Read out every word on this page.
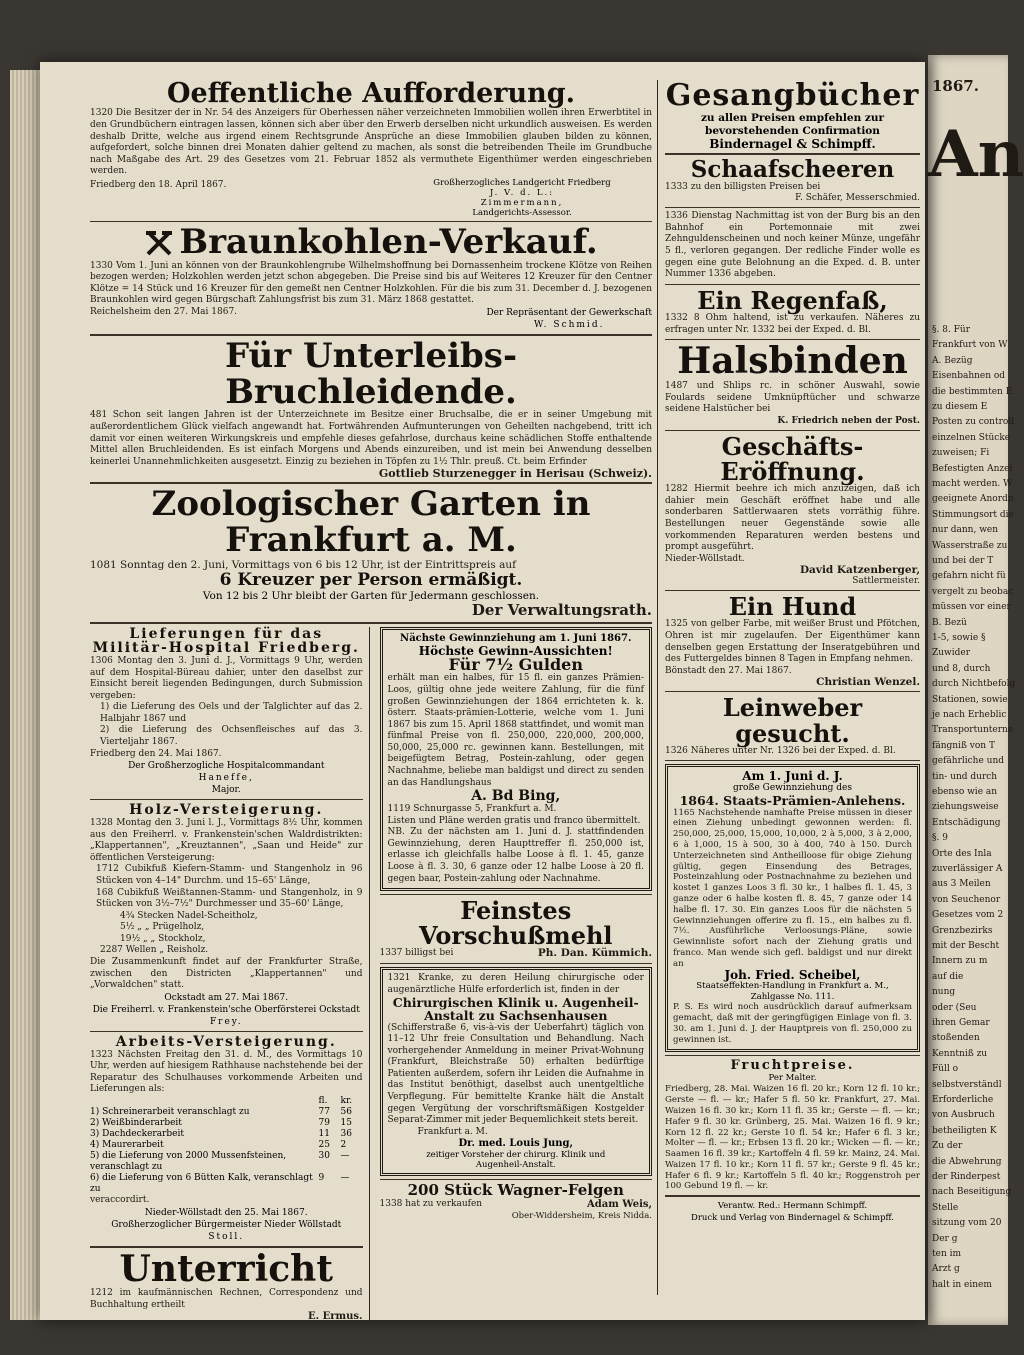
1867.
An
§. 8. Für
Frankfurt von W
A. Bezüg
Eisenbahnen od
die bestimmten E
zu diesem E
Posten zu controll
einzelnen Stücke
zuweisen; Fi
Befestigten Anzei
macht werden. W
geeignete Anordn
Stimmungsort die
nur dann, wen
Wasserstraße zu
und bei der T
gefahrn nicht fü
vergelt zu beobac
müssen vor einer
B. Bezü
1-5, sowie §
Zuwider
und 8, durch
durch Nichtbefolg
Stationen, sowie
je nach Erheblic
Transportunterne
fängniß von T
gefährliche und
tin- und durch
ebenso wie an
ziehungsweise
Entschädigung
§. 9
Orte des Inla
zuverlässiger A
aus 3 Meilen
von Seuchenor
Gesetzes vom 2
Grenzbezirks
mit der Bescht
Innern zu m
auf die
nung
oder (Seu
ihren Gemar
stoßenden
Kenntniß zu
Füll o
selbstverständl
Erforderliche
von Ausbruch
betheiligten K
Zu der
die Abwehrung
der Rinderpest
nach Beseitigung
Stelle
sitzung vom 20
Der g
ten im
Arzt g
halt in einem

Oeffentliche Aufforderung.

1320 Die Besitzer der in Nr. 54 des Anzeigers für Oberhessen näher verzeichneten Immobilien wollen ihren Erwerbtitel in den Grundbüchern eintragen lassen, können sich aber über den Erwerb derselben nicht urkundlich ausweisen. Es werden deshalb Dritte, welche aus irgend einem Rechtsgrunde Ansprüche an diese Immobilien glauben bilden zu können, aufgefordert, solche binnen drei Monaten dahier geltend zu machen, als sonst die betreibenden Theile im Grundbuche nach Maßgabe des Art. 29 des Gesetzes vom 21. Februar 1852 als vermuthete Eigenthümer werden eingeschrieben werden.

Friedberg den 18. April 1867.	Großherzogliches Landgericht Friedberg

J. V. d. L.:

Zimmermann,

Landgerichts-Assessor.

Braunkohlen-Verkauf.

1330 Vom 1. Juni an können von der Braunkohlengrube Wilhelmshoffnung bei Dornassenheim trockene Klötze von Reihen bezogen werden; Holzkohlen werden jetzt schon abgegeben. Die Preise sind bis auf Weiteres 12 Kreuzer für den Centner Klötze = 14 Stück und 16 Kreuzer für den gemeßt nen Centner Holzkohlen. Für die bis zum 31. December d. J. bezogenen Braunkohlen wird gegen Bürgschaft Zahlungsfrist bis zum 31. März 1868 gestattet.

Reichelsheim den 27. Mai 1867.	Der Repräsentant der Gewerkschaft

W. Schmid.

Für Unterleibs-Bruchleidende.

481 Schon seit langen Jahren ist der Unterzeichnete im Besitze einer Bruchsalbe, die er in seiner Umgebung mit außerordentlichem Glück vielfach angewandt hat. Fortwährenden Aufmunterungen von Geheilten nachgebend, tritt ich damit vor einen weiteren Wirkungskreis und empfehle dieses gefahrlose, durchaus keine schädlichen Stoffe enthaltende Mittel allen Bruchleidenden. Es ist einfach Morgens und Abends einzureiben, und ist mein bei Anwendung desselben keinerlei Unannehmlichkeiten ausgesetzt. Einzig zu beziehen in Töpfen zu 1½ Thlr. preuß. Ct. beim Erfinder

Gottlieb Sturzenegger in Herisau (Schweiz).

Zoologischer Garten in Frankfurt a. M.

1081 Sonntag den 2. Juni, Vormittags von 6 bis 12 Uhr, ist der Eintrittspreis auf

6 Kreuzer per Person ermäßigt.

Von 12 bis 2 Uhr bleibt der Garten für Jedermann geschlossen.

Der Verwaltungsrath.

Lieferungen für das Militär-Hospital Friedberg.

1306 Montag den 3. Juni d. J., Vormittags 9 Uhr, werden auf dem Hospital-Büreau dahier, unter den daselbst zur Einsicht bereit liegenden Bedingungen, durch Submission vergeben:

1) die Lieferung des Oels und der Talglichter auf das 2. Halbjahr 1867 und

2) die Lieferung des Ochsenfleisches auf das 3. Vierteljahr 1867.

Friedberg den 24. Mai 1867.

Der Großherzogliche Hospitalcommandant

Haneffe,

Major.

Holz-Versteigerung.

1328 Montag den 3. Juni l. J., Vormittags 8½ Uhr, kommen aus den Freiherrl. v. Frankenstein'schen Waldrdistrikten: „Klappertannen", „Kreuztannen", „Saan und Heide" zur öffentlichen Versteigerung:

1712 Cubikfuß Kiefern-Stamm- und Stangenholz in 96 Stücken von 4–14" Durchm. und 15–65' Länge,

168 Cubikfuß Weißtannen-Stamm- und Stangenholz, in 9 Stücken von 3½–7½" Durchmesser und 35–60' Länge,

4¾ Stecken Nadel-Scheitholz,

5½ „ „ Prügelholz,

19½ „ „ Stockholz,

2287 Wellen „ Reisholz.

Die Zusammenkunft findet auf der Frankfurter Straße, zwischen den Districten „Klappertannen" und „Vorwaldchen" statt.

Ockstadt am 27. Mai 1867.

Die Freiherrl. v. Frankenstein'sche Oberförsterei Ockstadt

Frey.

Arbeits-Versteigerung.

1323 Nächsten Freitag den 31. d. M., des Vormittags 10 Uhr, werden auf hiesigem Rathhause nachstehende bei der Reparatur des Schulhauses vorkommende Arbeiten und Lieferungen als:

	fl.	kr.
1) Schreinerarbeit veranschlagt zu	77	56
2) Weißbinderarbeit	79	15
3) Dachdeckerarbeit	11	36
4) Maurerarbeit	25	2
5) die Lieferung von 2000 Mussenfsteinen, veranschlagt zu	30	—
6) die Lieferung von 6 Bütten Kalk, veranschlagt zu	9	—

veraccordirt.

Nieder-Wöllstadt den 25. Mai 1867.

Großherzoglicher Bürgermeister Nieder Wöllstadt

Stoll.

Unterricht

1212 im kaufmännischen Rechnen, Correspondenz und Buchhaltung ertheilt

E. Ermus.

Nächste Gewinnziehung am 1. Juni 1867.

Höchste Gewinn-Aussichten!

Für 7½ Gulden

erhält man ein halbes, für 15 fl. ein ganzes Prämien-Loos, gültig ohne jede weitere Zahlung, für die fünf großen Gewinnziehungen der 1864 errichteten k. k. österr. Staats-prämien-Lotterie, welche vom 1. Juni 1867 bis zum 15. April 1868 stattfindet, und womit man fünfmal Preise von fl. 250,000, 220,000, 200,000, 50,000, 25,000 rc. gewinnen kann. Bestellungen, mit beigefügtem Betrag, Postein-zahlung, oder gegen Nachnahme, beliebe man baldigst und direct zu senden an das Handlungshaus

A. Bd Bing,

1119 Schnurgasse 5, Frankfurt a. M.

Listen und Pläne werden gratis und franco übermittelt.

NB. Zu der nächsten am 1. Juni d. J. stattfindenden Gewinnziehung, deren Haupttreffer fl. 250,000 ist, erlasse ich gleichfalls halbe Loose à fl. 1. 45, ganze Loose à fl. 3. 30, 6 ganze oder 12 halbe Loose à 20 fl. gegen baar, Postein-zahlung oder Nachnahme.

Feinstes Vorschußmehl

1337 billigst bei	Ph. Dan. Kümmich.

1321 Kranke, zu deren Heilung chirurgische oder augenärztliche Hülfe erforderlich ist, finden in der

Chirurgischen Klinik u. Augenheil-Anstalt zu Sachsenhausen

(Schifferstraße 6, vis-à-vis der Ueberfahrt) täglich von 11–12 Uhr freie Consultation und Behandlung. Nach vorhergehender Anmeldung in meiner Privat-Wohnung (Frankfurt, Bleichstraße 50) erhalten bedürftige Patienten außerdem, sofern ihr Leiden die Aufnahme in das Institut benöthigt, daselbst auch unentgeltliche Verpflegung. Für bemittelte Kranke hält die Anstalt gegen Vergütung der vorschriftsmäßigen Kostgelder Separat-Zimmer mit jeder Bequemlichkeit stets bereit.

Frankfurt a. M.

Dr. med. Louis Jung,

zeitiger Vorsteher der chirurg. Klinik und

Augenheil-Anstalt.

200 Stück Wagner-Felgen

1338 hat zu verkaufen	Adam Weis,

Ober-Widdersheim, Kreis Nidda.

Gesangbücher

zu allen Preisen empfehlen zur bevorstehenden Confirmation

Bindernagel & Schimpff.

Schaafscheeren

1333 zu den billigsten Preisen bei

F. Schäfer, Messerschmied.

1336 Dienstag Nachmittag ist von der Burg bis an den Bahnhof ein Portemonnaie mit zwei Zehnguldenscheinen und noch keiner Münze, ungefähr 5 fl., verloren gegangen. Der redliche Finder wolle es gegen eine gute Belohnung an die Exped. d. B. unter Nummer 1336 abgeben.

Ein Regenfaß,

1332 8 Ohm haltend, ist zu verkaufen. Näheres zu erfragen unter Nr. 1332 bei der Exped. d. Bl.

Halsbinden

1487 und Shlips rc. in schöner Auswahl, sowie Foulards seidene Umknüpftücher und schwarze seidene Halstücher bei

K. Friedrich neben der Post.

Geschäfts-Eröffnung.

1282 Hiermit beehre ich mich anzuzeigen, daß ich dahier mein Geschäft eröffnet habe und alle sonderbaren Sattlerwaaren stets vorräthig führe. Bestellungen neuer Gegenstände sowie alle vorkommenden Reparaturen werden bestens und prompt ausgeführt.

Nieder-Wöllstadt.

David Katzenberger,

Sattlermeister.

Ein Hund

1325 von gelber Farbe, mit weißer Brust und Pfötchen, Ohren ist mir zugelaufen. Der Eigenthümer kann denselben gegen Erstattung der Inseratgebühren und des Futtergeldes binnen 8 Tagen in Empfang nehmen.

Bönstadt den 27. Mai 1867.

Christian Wenzel.

Leinweber gesucht.

1326 Näheres unter Nr. 1326 bei der Exped. d. Bl.

Am 1. Juni d. J.

große Gewinnziehung des

1864. Staats-Prämien-Anlehens.

1165 Nachstehende namhafte Preise müssen in dieser einen Ziehung unbedingt gewonnen werden: fl. 250,000, 25,000, 15,000, 10,000, 2 à 5,000, 3 à 2,000, 6 à 1,000, 15 à 500, 30 à 400, 740 à 150. Durch Unterzeichneten sind Antheilloose für obige Ziehung gültig, gegen Einsendung des Betrages, Posteinzahlung oder Postnachnahme zu beziehen und kostet 1 ganzes Loos 3 fl. 30 kr., 1 halbes fl. 1. 45, 3 ganze oder 6 halbe kosten fl. 8. 45, 7 ganze oder 14 halbe fl. 17. 30. Ein ganzes Loos für die nächsten 5 Gewinnziehungen offerire zu fl. 15., ein halbes zu fl. 7½. Ausführliche Verloosungs-Pläne, sowie Gewinnliste sofort nach der Ziehung gratis und franco. Man wende sich gefl. baldigst und nur direkt an

Joh. Fried. Scheibel,

Staatseffekten-Handlung in Frankfurt a. M., Zahlgasse No. 111.

P. S. Es wird noch ausdrücklich darauf aufmerksam gemacht, daß mit der geringfügigen Einlage von fl. 3. 30. am 1. Juni d. J. der Hauptpreis von fl. 250,000 zu gewinnen ist.

Fruchtpreise.

Per Malter.

Friedberg, 28. Mai. Waizen 16 fl. 20 kr.; Korn 12 fl. 10 kr.; Gerste — fl. — kr.; Hafer 5 fl. 50 kr. Frankfurt, 27. Mai. Waizen 16 fl. 30 kr.; Korn 11 fl. 35 kr.; Gerste — fl. — kr.; Hafer 9 fl. 30 kr. Grünberg, 25. Mai. Waizen 16 fl. 9 kr.; Korn 12 fl. 22 kr.; Gerste 10 fl. 54 kr.; Hafer 6 fl. 3 kr.; Molter — fl. — kr.; Erbsen 13 fl. 20 kr.; Wicken — fl. — kr.; Saamen 16 fl. 39 kr.; Kartoffeln 4 fl. 59 kr. Mainz, 24. Mai. Waizen 17 fl. 10 kr.; Korn 11 fl. 57 kr.; Gerste 9 fl. 45 kr.; Hafer 6 fl. 9 kr.; Kartoffeln 5 fl. 40 kr.; Roggenstroh per 100 Gebund 19 fl. — kr.

Verantw. Red.: Hermann Schimpff.

Druck und Verlag von Bindernagel & Schimpff.
